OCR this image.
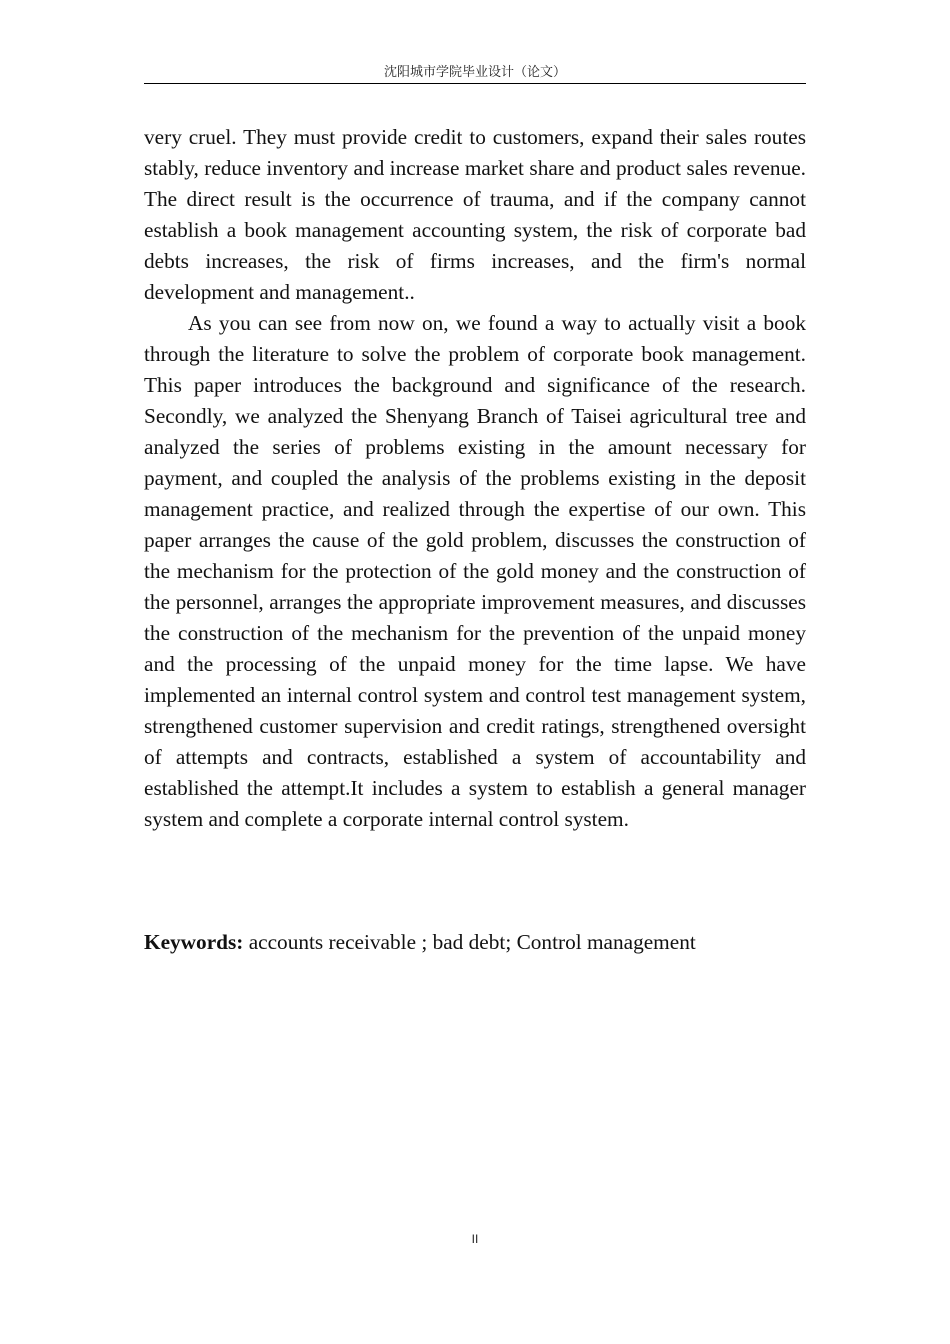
沈阳城市学院毕业设计（论文）

very cruel. They must provide credit to customers, expand their sales routes stably, reduce inventory and increase market share and product sales revenue. The direct result is the occurrence of trauma, and if the company cannot establish a book management accounting system, the risk of corporate bad debts increases, the risk of firms increases, and the firm's normal development and management..

As you can see from now on, we found a way to actually visit a book through the literature to solve the problem of corporate book management. This paper introduces the background and significance of the research. Secondly, we analyzed the Shenyang Branch of Taisei agricultural tree and analyzed the series of problems existing in the amount necessary for payment, and coupled the analysis of the problems existing in the deposit management practice, and realized through the expertise of our own. This paper arranges the cause of the gold problem, discusses the construction of the mechanism for the protection of the gold money and the construction of the personnel, arranges the appropriate improvement measures, and discusses the construction of the mechanism for the prevention of the unpaid money and the processing of the unpaid money for the time lapse. We have implemented an internal control system and control test management system, strengthened customer supervision and credit ratings, strengthened oversight of attempts and contracts, established a system of accountability and established the attempt.It includes a system to establish a general manager system and complete a corporate internal control system.

Keywords: accounts receivable ; bad debt; Control management
II
